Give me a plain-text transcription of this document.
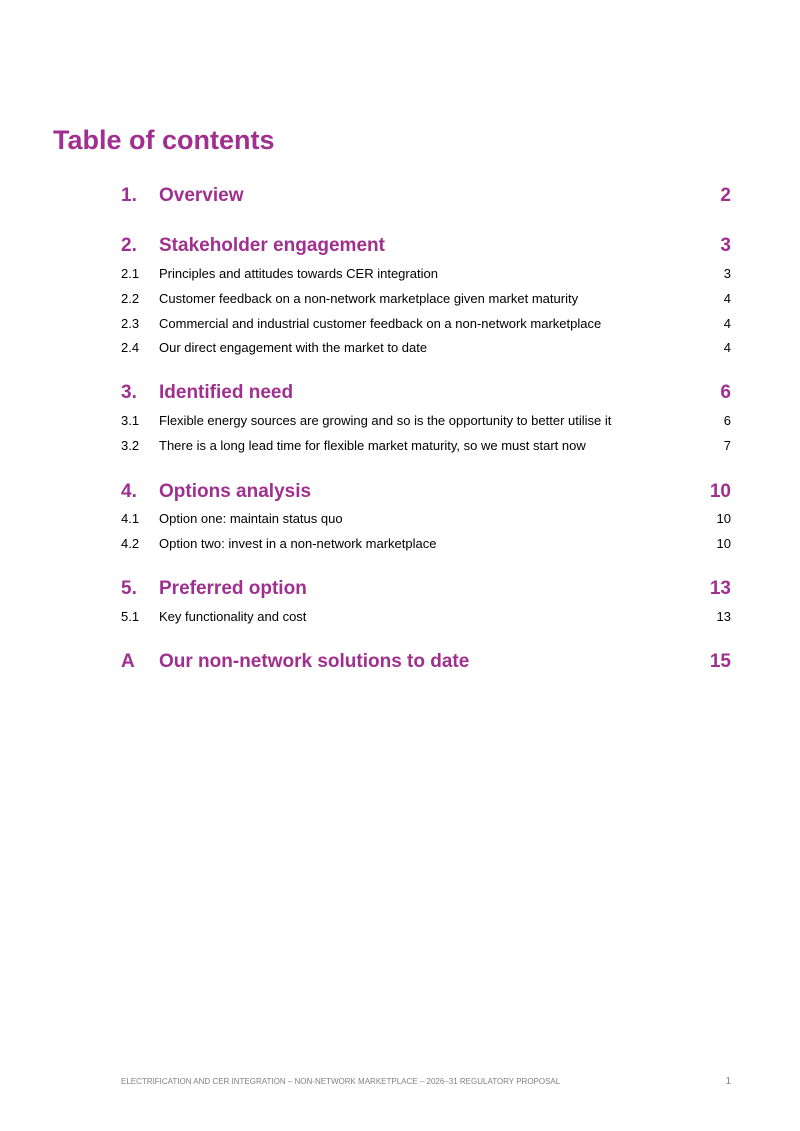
Table of contents
1.	Overview	2
2.	Stakeholder engagement	3
2.1	Principles and attitudes towards CER integration	3
2.2	Customer feedback on a non-network marketplace given market maturity	4
2.3	Commercial and industrial customer feedback on a non-network marketplace	4
2.4	Our direct engagement with the market to date	4
3.	Identified need	6
3.1	Flexible energy sources are growing and so is the opportunity to better utilise it	6
3.2	There is a long lead time for flexible market maturity, so we must start now	7
4.	Options analysis	10
4.1	Option one: maintain status quo	10
4.2	Option two: invest in a non-network marketplace	10
5.	Preferred option	13
5.1	Key functionality and cost	13
A	Our non-network solutions to date	15
ELECTRIFICATION AND CER INTEGRATION – NON-NETWORK MARKETPLACE – 2026–31 REGULATORY PROPOSAL	1
